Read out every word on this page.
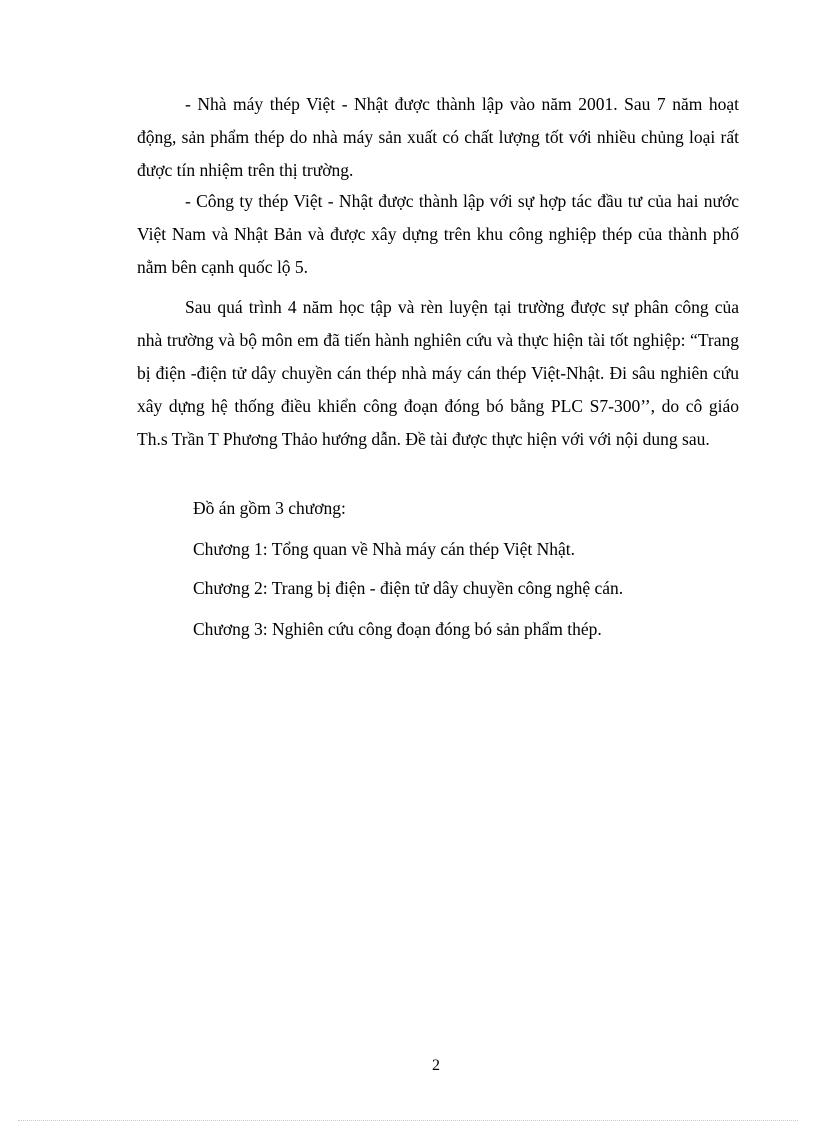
- Nhà máy thép Việt - Nhật được thành lập vào năm 2001. Sau 7 năm hoạt động, sản phẩm thép do nhà máy sản xuất có chất lượng tốt với nhiều chủng loại rất được tín nhiệm trên thị trường.

- Công ty thép Việt - Nhật được thành lập với sự hợp tác đầu tư của hai nước Việt Nam và Nhật Bản và được xây dựng trên khu công nghiệp thép của thành phố nằm bên cạnh quốc lộ 5.

Sau quá trình 4 năm học tập và rèn luyện tại trường được sự phân công của nhà trường và bộ môn em đã tiến hành nghiên cứu và thực hiện tài tốt nghiệp: “Trang bị điện -điện tử dây chuyền cán thép nhà máy cán thép Việt-Nhật. Đi sâu nghiên cứu xây dựng hệ thống điều khiển công đoạn đóng bó bằng PLC S7-300’’, do cô giáo Th.s Trần T Phương Thảo hướng dẫn. Đề tài được thực hiện với với nội dung sau.

Đồ án gồm 3 chương:

Chương 1: Tổng quan về Nhà máy cán thép Việt Nhật.

Chương 2: Trang bị điện - điện tử dây chuyền công nghệ cán.

Chương 3: Nghiên cứu công đoạn đóng bó sản phẩm thép.

2
